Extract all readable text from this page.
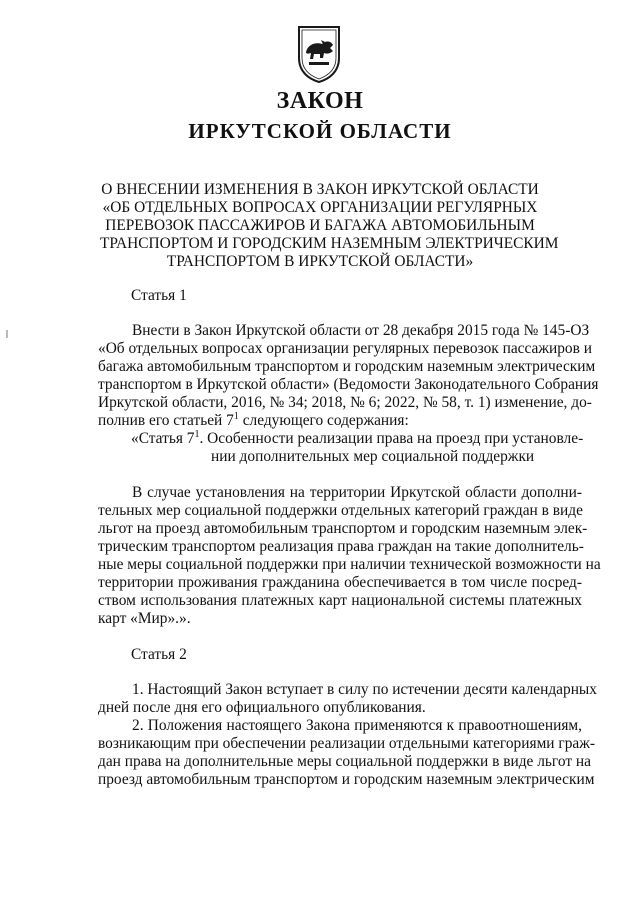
ЗАКОН
ИРКУТСКОЙ ОБЛАСТИ
О ВНЕСЕНИИ ИЗМЕНЕНИЯ В ЗАКОН ИРКУТСКОЙ ОБЛАСТИ
«ОБ ОТДЕЛЬНЫХ ВОПРОСАХ ОРГАНИЗАЦИИ РЕГУЛЯРНЫХ
ПЕРЕВОЗОК ПАССАЖИРОВ И БАГАЖА АВТОМОБИЛЬНЫМ
ТРАНСПОРТОМ И ГОРОДСКИМ НАЗЕМНЫМ ЭЛЕКТРИЧЕСКИМ
ТРАНСПОРТОМ В ИРКУТСКОЙ ОБЛАСТИ»
Статья 1
Внести в Закон Иркутской области от 28 декабря 2015 года № 145-ОЗ
«Об отдельных вопросах организации регулярных перевозок пассажиров и
багажа автомобильным транспортом и городским наземным электрическим
транспортом в Иркутской области» (Ведомости Законодательного Собрания
Иркутской области, 2016, № 34; 2018, № 6; 2022, № 58, т. 1) изменение, до-
полнив его статьей $7^1$ следующего содержания:
«Статья $7^1$. Особенности реализации права на проезд при установле-
нии дополнительных мер социальной поддержки
В случае установления на территории Иркутской области дополни-
тельных мер социальной поддержки отдельных категорий граждан в виде
льгот на проезд автомобильным транспортом и городским наземным элек-
трическим транспортом реализация права граждан на такие дополнитель-
ные меры социальной поддержки при наличии технической возможности на
территории проживания гражданина обеспечивается в том числе посред-
ством использования платежных карт национальной системы платежных
карт «Мир».».
Статья 2
1. Настоящий Закон вступает в силу по истечении десяти календарных
дней после дня его официального опубликования.
2. Положения настоящего Закона применяются к правоотношениям,
возникающим при обеспечении реализации отдельными категориями граж-
дан права на дополнительные меры социальной поддержки в виде льгот на
проезд автомобильным транспортом и городским наземным электрическим
